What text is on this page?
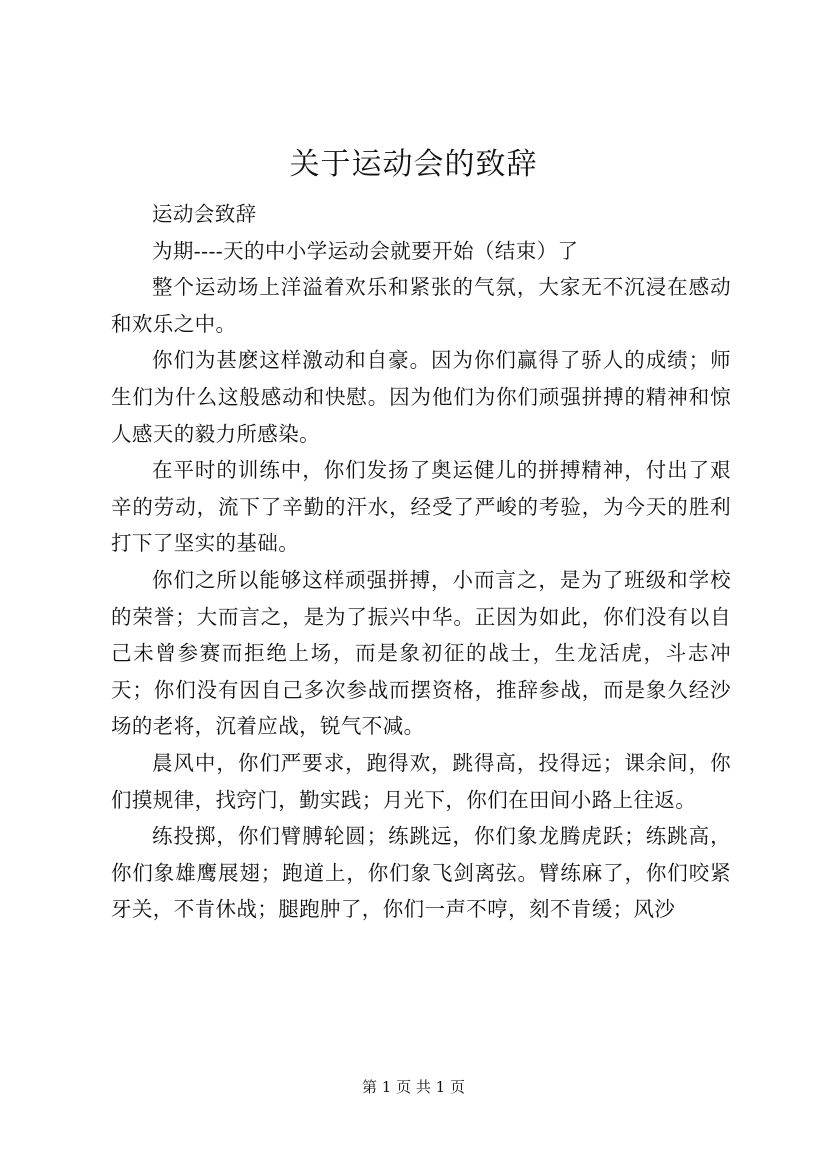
关于运动会的致辞

运动会致辞

为期----天的中小学运动会就要开始（结束）了

整个运动场上洋溢着欢乐和紧张的气氛，大家无不沉浸在感动和欢乐之中。

你们为甚麽这样激动和自豪。因为你们赢得了骄人的成绩；师生们为什么这般感动和快慰。因为他们为你们顽强拼搏的精神和惊人感天的毅力所感染。

在平时的训练中，你们发扬了奥运健儿的拼搏精神，付出了艰辛的劳动，流下了辛勤的汗水，经受了严峻的考验，为今天的胜利打下了坚实的基础。

你们之所以能够这样顽强拼搏，小而言之，是为了班级和学校的荣誉；大而言之，是为了振兴中华。正因为如此，你们没有以自己未曾参赛而拒绝上场，而是象初征的战士，生龙活虎，斗志冲天；你们没有因自己多次参战而摆资格，推辞参战，而是象久经沙场的老将，沉着应战，锐气不减。

晨风中，你们严要求，跑得欢，跳得高，投得远；课余间，你们摸规律，找窍门，勤实践；月光下，你们在田间小路上往返。

练投掷，你们臂膊轮圆；练跳远，你们象龙腾虎跃；练跳高，你们象雄鹰展翅；跑道上，你们象飞剑离弦。臂练麻了，你们咬紧牙关，不肯休战；腿跑肿了，你们一声不哼，刻不肯缓；风沙

第 1 页 共 1 页
